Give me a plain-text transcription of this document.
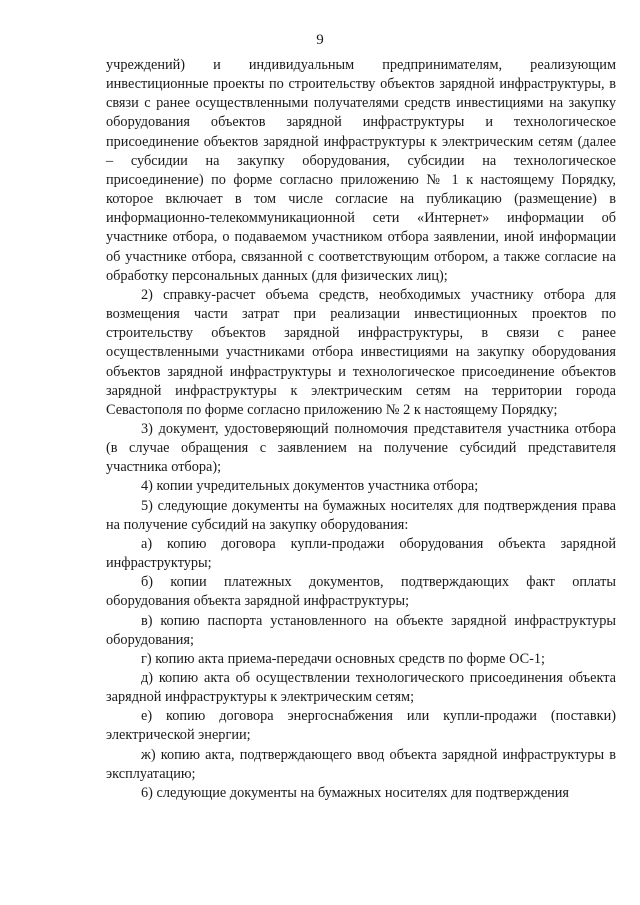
9

учреждений) и индивидуальным предпринимателям, реализующим инвестиционные проекты по строительству объектов зарядной инфраструктуры, в связи с ранее осуществленными получателями средств инвестициями на закупку оборудования объектов зарядной инфраструктуры и технологическое присоединение объектов зарядной инфраструктуры к электрическим сетям (далее – субсидии на закупку оборудования, субсидии на технологическое присоединение) по форме согласно приложению № 1 к настоящему Порядку, которое включает в том числе согласие на публикацию (размещение) в информационно-телекоммуникационной сети «Интернет» информации об участнике отбора, о подаваемом участником отбора заявлении, иной информации об участнике отбора, связанной с соответствующим отбором, а также согласие на обработку персональных данных (для физических лиц);

2) справку-расчет объема средств, необходимых участнику отбора для возмещения части затрат при реализации инвестиционных проектов по строительству объектов зарядной инфраструктуры, в связи с ранее осуществленными участниками отбора инвестициями на закупку оборудования объектов зарядной инфраструктуры и технологическое присоединение объектов зарядной инфраструктуры к электрическим сетям на территории города Севастополя по форме согласно приложению № 2 к настоящему Порядку;

3) документ, удостоверяющий полномочия представителя участника отбора (в случае обращения с заявлением на получение субсидий представителя участника отбора);

4) копии учредительных документов участника отбора;

5) следующие документы на бумажных носителях для подтверждения права на получение субсидий на закупку оборудования:

а) копию договора купли-продажи оборудования объекта зарядной инфраструктуры;

б) копии платежных документов, подтверждающих факт оплаты оборудования объекта зарядной инфраструктуры;

в) копию паспорта установленного на объекте зарядной инфраструктуры оборудования;

г) копию акта приема-передачи основных средств по форме ОС-1;

д) копию акта об осуществлении технологического присоединения объекта зарядной инфраструктуры к электрическим сетям;

е) копию договора энергоснабжения или купли-продажи (поставки) электрической энергии;

ж) копию акта, подтверждающего ввод объекта зарядной инфраструктуры в эксплуатацию;

6) следующие документы на бумажных носителях для подтверждения
